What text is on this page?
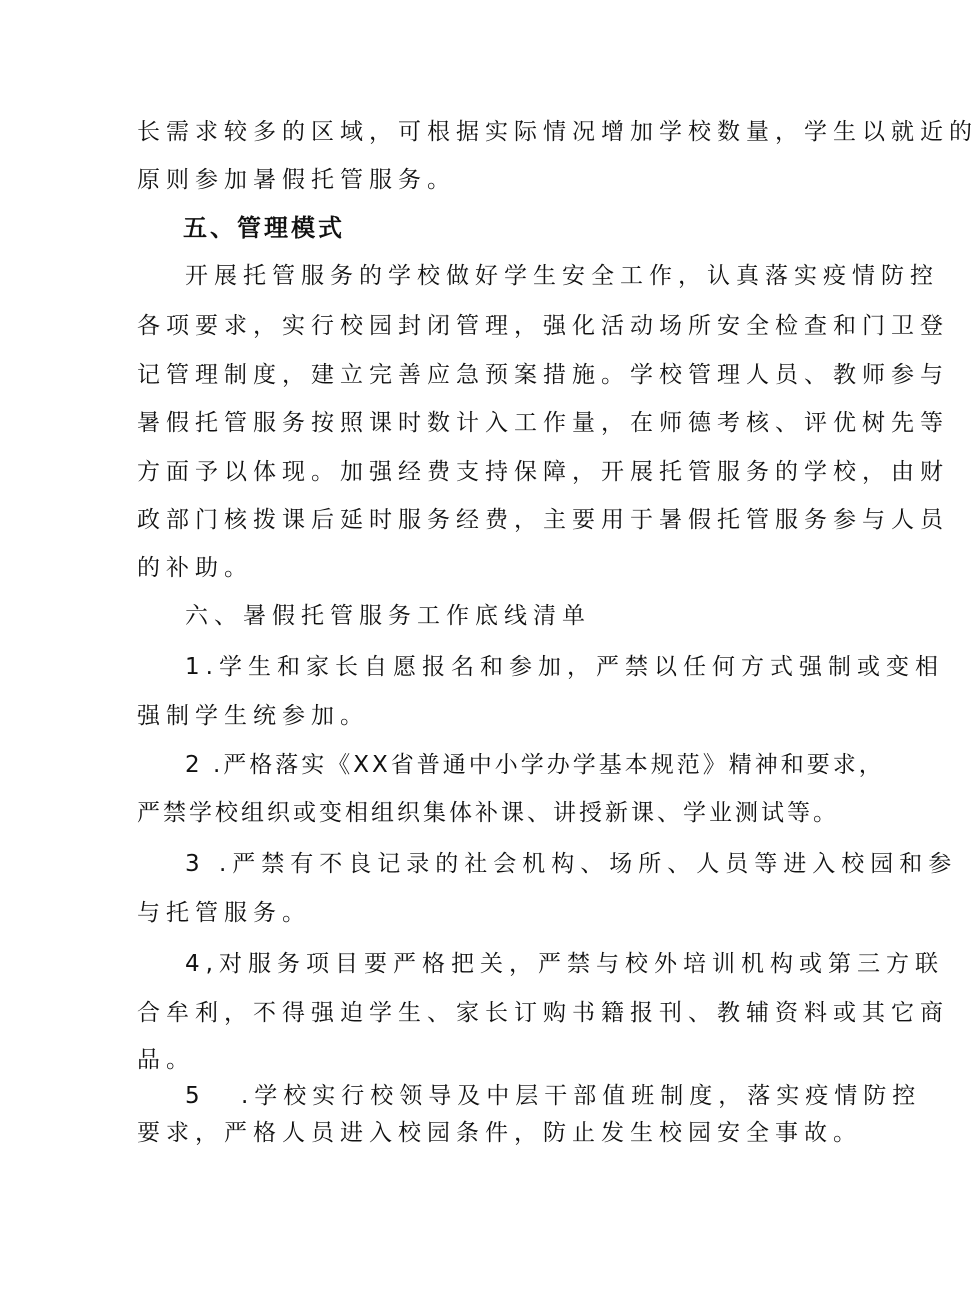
长需求较多的区域，可根据实际情况增加学校数量，学生以就近的
原则参加暑假托管服务。
五、管理模式
开展托管服务的学校做好学生安全工作，认真落实疫情防控
各项要求，实行校园封闭管理，强化活动场所安全检查和门卫登
记管理制度，建立完善应急预案措施。学校管理人员、教师参与
暑假托管服务按照课时数计入工作量，在师德考核、评优树先等
方面予以体现。加强经费支持保障，开展托管服务的学校，由财
政部门核拨课后延时服务经费，主要用于暑假托管服务参与人员
的补助。
六、暑假托管服务工作底线清单
1.学生和家长自愿报名和参加，严禁以任何方式强制或变相
强制学生统参加。
2 .严格落实《XX省普通中小学办学基本规范》精神和要求，
严禁学校组织或变相组织集体补课、讲授新课、学业测试等。
3 .严禁有不良记录的社会机构、场所、人员等进入校园和参
与托管服务。
4,对服务项目要严格把关，严禁与校外培训机构或第三方联
合牟利，不得强迫学生、家长订购书籍报刊、教辅资料或其它商
品。
5 .学校实行校领导及中层干部值班制度，落实疫情防控
要求，严格人员进入校园条件，防止发生校园安全事故。
